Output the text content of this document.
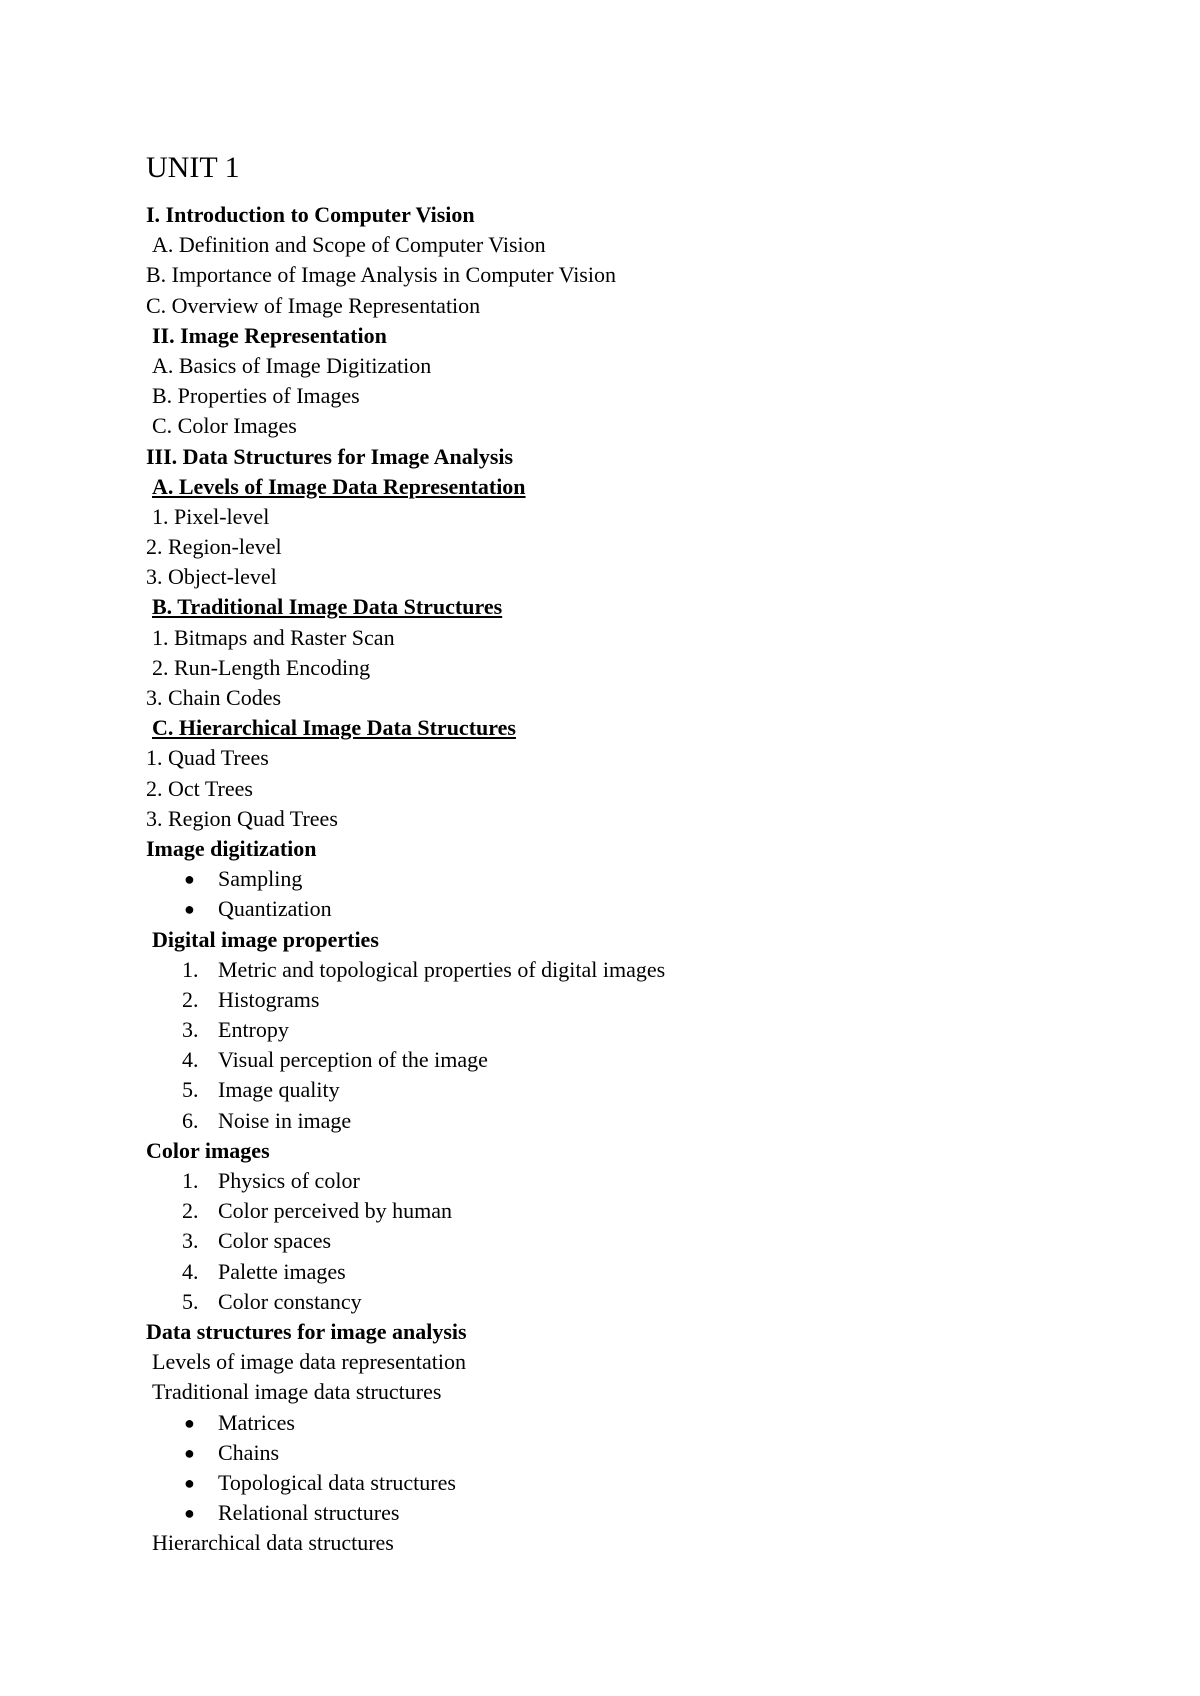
UNIT 1
I. Introduction to Computer Vision
A. Definition and Scope of Computer Vision
B. Importance of Image Analysis in Computer Vision
C. Overview of Image Representation
II. Image Representation
A. Basics of Image Digitization
B. Properties of Images
C. Color Images
III. Data Structures for Image Analysis
A. Levels of Image Data Representation
1. Pixel-level
2. Region-level
3. Object-level
B. Traditional Image Data Structures
1. Bitmaps and Raster Scan
2. Run-Length Encoding
3. Chain Codes
C. Hierarchical Image Data Structures
1. Quad Trees
2. Oct Trees
3. Region Quad Trees
Image digitization
● Sampling
● Quantization
Digital image properties
1. Metric and topological properties of digital images
2. Histograms
3. Entropy
4. Visual perception of the image
5. Image quality
6. Noise in image
Color images
1. Physics of color
2. Color perceived by human
3. Color spaces
4. Palette images
5. Color constancy
Data structures for image analysis
Levels of image data representation
Traditional image data structures
● Matrices
● Chains
● Topological data structures
● Relational structures
Hierarchical data structures
